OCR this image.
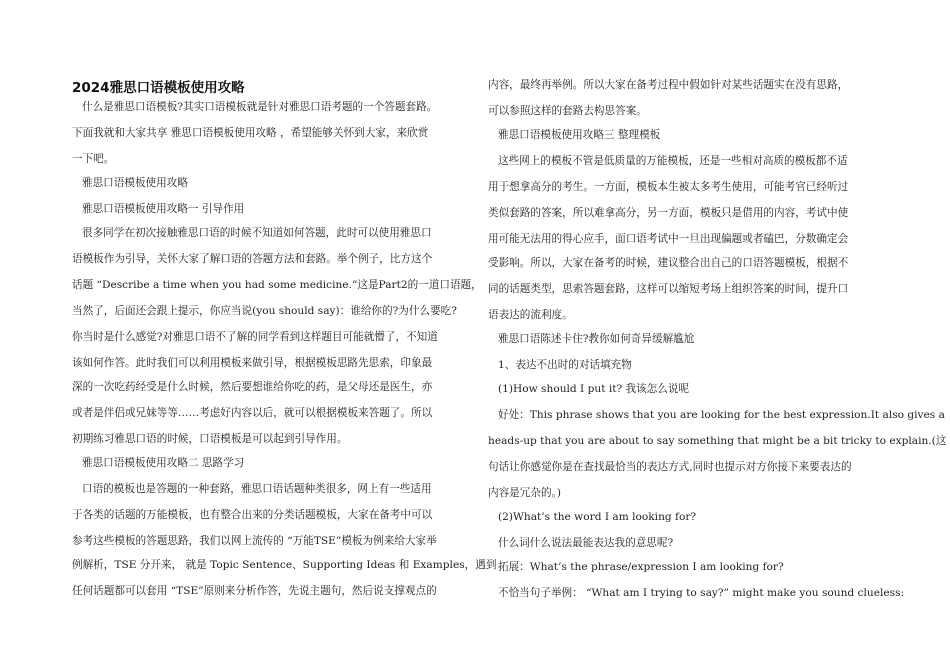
2024雅思口语模板使用攻略
什么是雅思口语模板?其实口语模板就是针对雅思口语考题的一个答题套路。
下面我就和大家共享 雅思口语模板使用攻略 ，希望能够关怀到大家，来欣赏
一下吧。
雅思口语模板使用攻略
雅思口语模板使用攻略一 引导作用
很多同学在初次接触雅思口语的时候不知道如何答题，此时可以使用雅思口
语模板作为引导，关怀大家了解口语的答题方法和套路。举个例子，比方这个
话题 “Describe a time when you had some medicine.”这是Part2的一道口语题，
当然了，后面还会跟上提示，你应当说(you should say)：谁给你的?为什么要吃?
你当时是什么感觉?对雅思口语不了解的同学看到这样题目可能就懵了，不知道
该如何作答。此时我们可以利用模板来做引导，根据模板思路先思索，印象最
深的一次吃药经受是什么时候，然后要想谁给你吃的药，是父母还是医生，亦
或者是伴侣或兄妹等等……考虑好内容以后，就可以根据模板来答题了。所以
初期练习雅思口语的时候，口语模板是可以起到引导作用。
雅思口语模板使用攻略二 思路学习
口语的模板也是答题的一种套路，雅思口语话题种类很多，网上有一些适用
于各类的话题的万能模板，也有整合出来的分类话题模板，大家在备考中可以
参考这些模板的答题思路，我们以网上流传的 “万能TSE”模板为例来给大家举
例解析，TSE 分开来， 就是 Topic Sentence、Supporting Ideas 和 Examples，遇到
任何话题都可以套用 “TSE”原则来分析作答，先说主题句，然后说支撑观点的
内容，最终再举例。所以大家在备考过程中假如针对某些话题实在没有思路，
可以参照这样的套路去构思答案。
雅思口语模板使用攻略三 整理模板
这些网上的模板不管是低质量的万能模板，还是一些相对高质的模板都不适
用于想拿高分的考生。一方面，模板本生被太多考生使用，可能考官已经听过
类似套路的答案，所以难拿高分，另一方面，模板只是借用的内容，考试中使
用可能无法用的得心应手，面口语考试中一旦出现偏题或者磕巴，分数确定会
受影响。所以，大家在备考的时候，建议整合出自己的口语答题模板，根据不
同的话题类型，思索答题套路，这样可以缩短考场上组织答案的时间，提升口
语表达的流利度。
雅思口语陈述卡住?教你如何奇异缓解尴尬
1、表达不出时的对话填充物
(1)How should I put it? 我该怎么说呢
好处：This phrase shows that you are looking for the best expression.It also gives a
heads-up that you are about to say something that might be a bit tricky to explain.(这
句话让你感觉你是在查找最恰当的表达方式,同时也提示对方你接下来要表达的
内容是冗杂的。)
(2)What’s the word I am looking for?
什么词什么说法最能表达我的意思呢?
拓展：What’s the phrase/expression I am looking for?
不恰当句子举例： “What am I trying to say?” might make you sound clueless:
